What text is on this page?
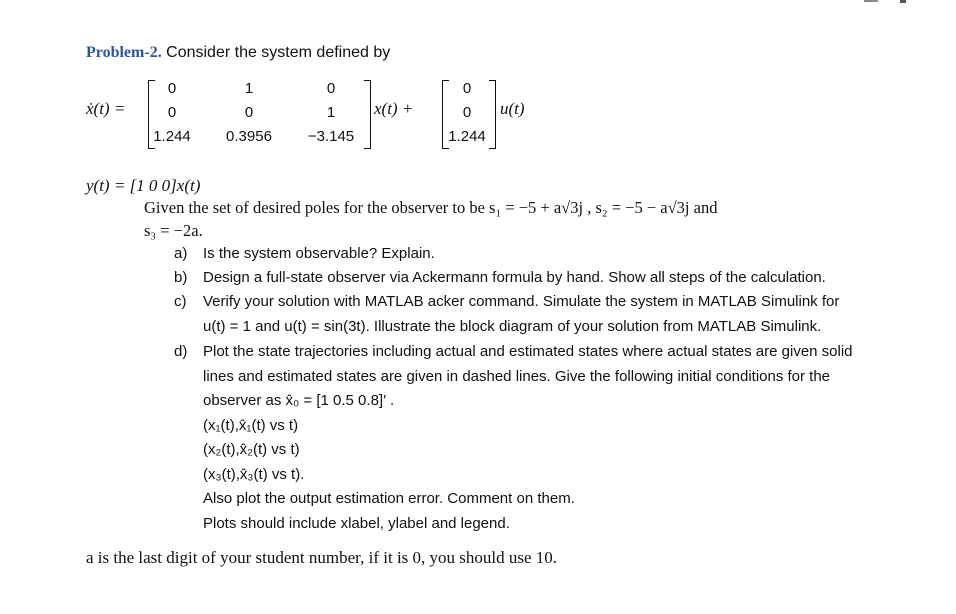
Problem-2. Consider the system defined by
ẋ(t) =
0	1	0
0	0	1
1.244	0.3956	−3.145
x(t) +
0
0
1.244
u(t)
y(t) = [1 0 0]x(t)
Given the set of desired poles for the observer to be s₁ = −5 + a√3j , s₂ = −5 − a√3j and
s₃ = −2a.
a) Is the system observable? Explain.
b) Design a full-state observer via Ackermann formula by hand. Show all steps of the calculation.
c) Verify your solution with MATLAB acker command. Simulate the system in MATLAB Simulink for
u(t) = 1 and u(t) = sin(3t). Illustrate the block diagram of your solution from MATLAB Simulink.
d) Plot the state trajectories including actual and estimated states where actual states are given solid
lines and estimated states are given in dashed lines. Give the following initial conditions for the
observer as x̂₀ = [1 0.5 0.8]′ .
(x₁(t),x̂₁(t) vs t)
(x₂(t),x̂₂(t) vs t)
(x₃(t),x̂₃(t) vs t).
Also plot the output estimation error. Comment on them.
Plots should include xlabel, ylabel and legend.
a is the last digit of your student number, if it is 0, you should use 10.
